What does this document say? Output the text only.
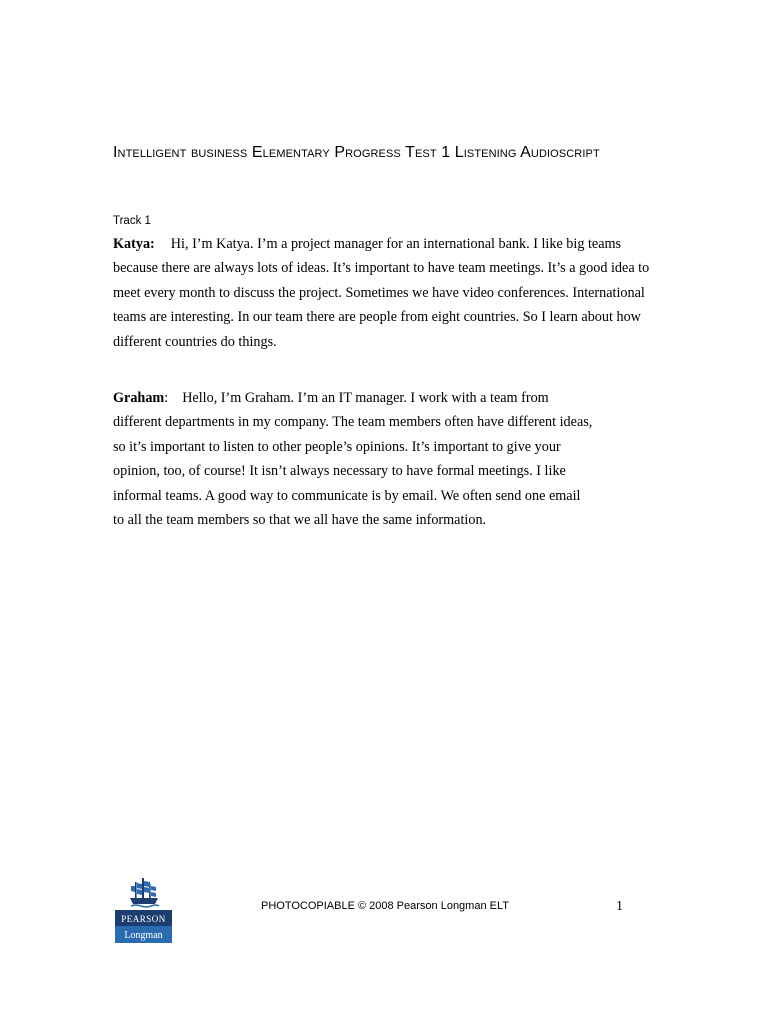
Intelligent business Elementary Progress Test 1 Listening Audioscript
Track 1
Katya: Hi, I’m Katya. I’m a project manager for an international bank. I like big teams because there are always lots of ideas. It’s important to have team meetings. It’s a good idea to meet every month to discuss the project. Sometimes we have video conferences. International teams are interesting. In our team there are people from eight countries. So I learn about how different countries do things.
Graham: Hello, I’m Graham. I’m an IT manager. I work with a team from different departments in my company. The team members often have different ideas, so it’s important to listen to other people’s opinions. It’s important to give your opinion, too, of course! It isn’t always necessary to have formal meetings. I like informal teams. A good way to communicate is by email. We often send one email to all the team members so that we all have the same information.
PEARSON
Longman
PHOTOCOPIABLE © 2008 Pearson Longman ELT	1
